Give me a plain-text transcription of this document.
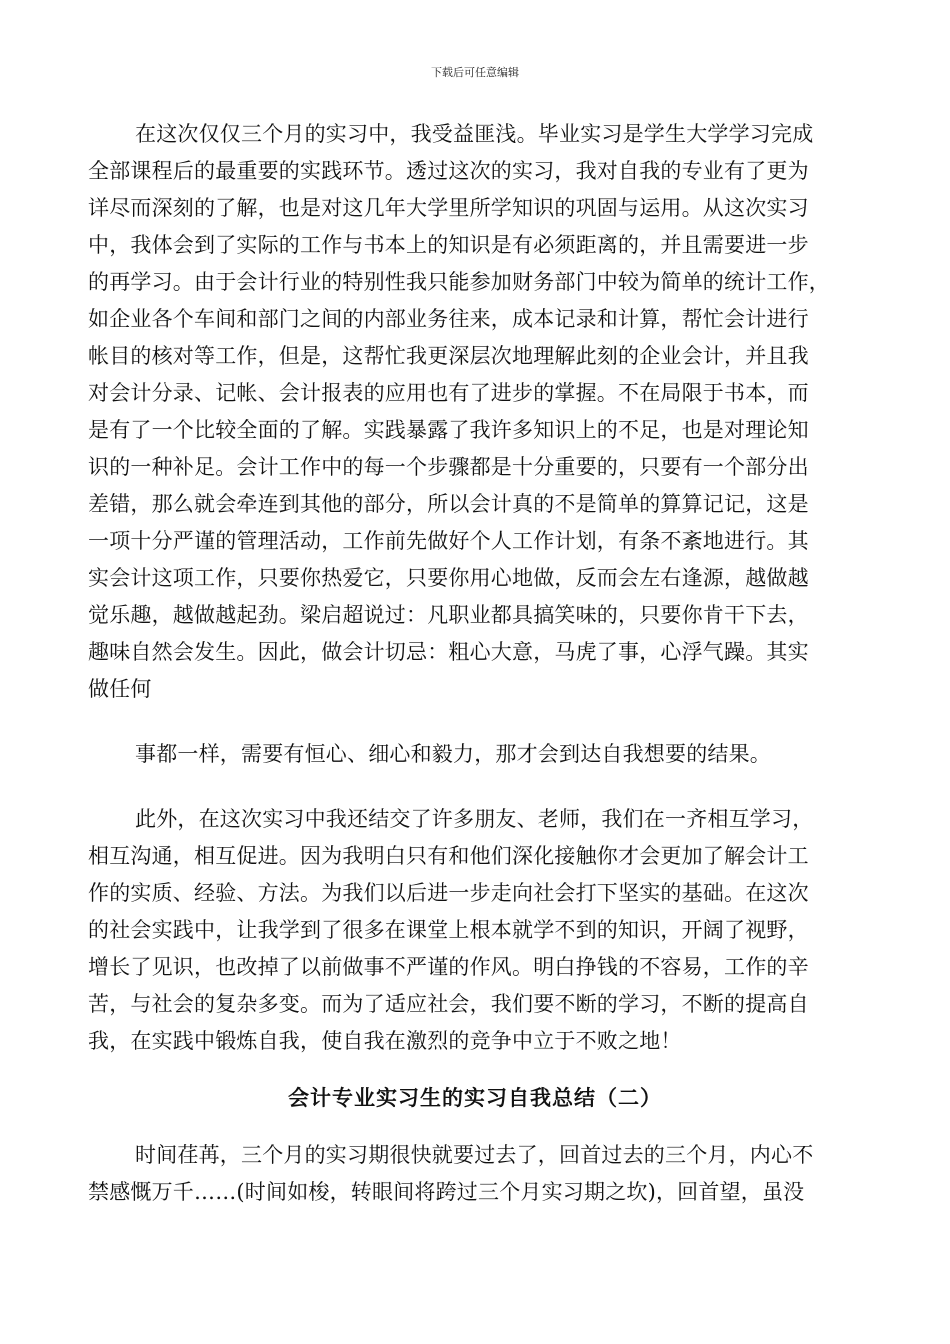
下载后可任意编辑
在这次仅仅三个月的实习中，我受益匪浅。毕业实习是学生大学学习完成
全部课程后的最重要的实践环节。透过这次的实习，我对自我的专业有了更为
详尽而深刻的了解，也是对这几年大学里所学知识的巩固与运用。从这次实习
中，我体会到了实际的工作与书本上的知识是有必须距离的，并且需要进一步
的再学习。由于会计行业的特别性我只能参加财务部门中较为简单的统计工作，
如企业各个车间和部门之间的内部业务往来，成本记录和计算，帮忙会计进行
帐目的核对等工作，但是，这帮忙我更深层次地理解此刻的企业会计，并且我
对会计分录、记帐、会计报表的应用也有了进步的掌握。不在局限于书本，而
是有了一个比较全面的了解。实践暴露了我许多知识上的不足，也是对理论知
识的一种补足。会计工作中的每一个步骤都是十分重要的，只要有一个部分出
差错，那么就会牵连到其他的部分，所以会计真的不是简单的算算记记，这是
一项十分严谨的管理活动，工作前先做好个人工作计划，有条不紊地进行。其
实会计这项工作，只要你热爱它，只要你用心地做，反而会左右逢源，越做越
觉乐趣，越做越起劲。梁启超说过：凡职业都具搞笑味的，只要你肯干下去，
趣味自然会发生。因此，做会计切忌：粗心大意，马虎了事，心浮气躁。其实
做任何
事都一样，需要有恒心、细心和毅力，那才会到达自我想要的结果。
此外，在这次实习中我还结交了许多朋友、老师，我们在一齐相互学习，
相互沟通，相互促进。因为我明白只有和他们深化接触你才会更加了解会计工
作的实质、经验、方法。为我们以后进一步走向社会打下坚实的基础。在这次
的社会实践中，让我学到了很多在课堂上根本就学不到的知识，开阔了视野，
增长了见识，也改掉了以前做事不严谨的作风。明白挣钱的不容易，工作的辛
苦，与社会的复杂多变。而为了适应社会，我们要不断的学习，不断的提高自
我，在实践中锻炼自我，使自我在激烈的竞争中立于不败之地！
会计专业实习生的实习自我总结（二）
时间荏苒，三个月的实习期很快就要过去了，回首过去的三个月，内心不
禁感慨万千……(时间如梭，转眼间将跨过三个月实习期之坎)，回首望，虽没
